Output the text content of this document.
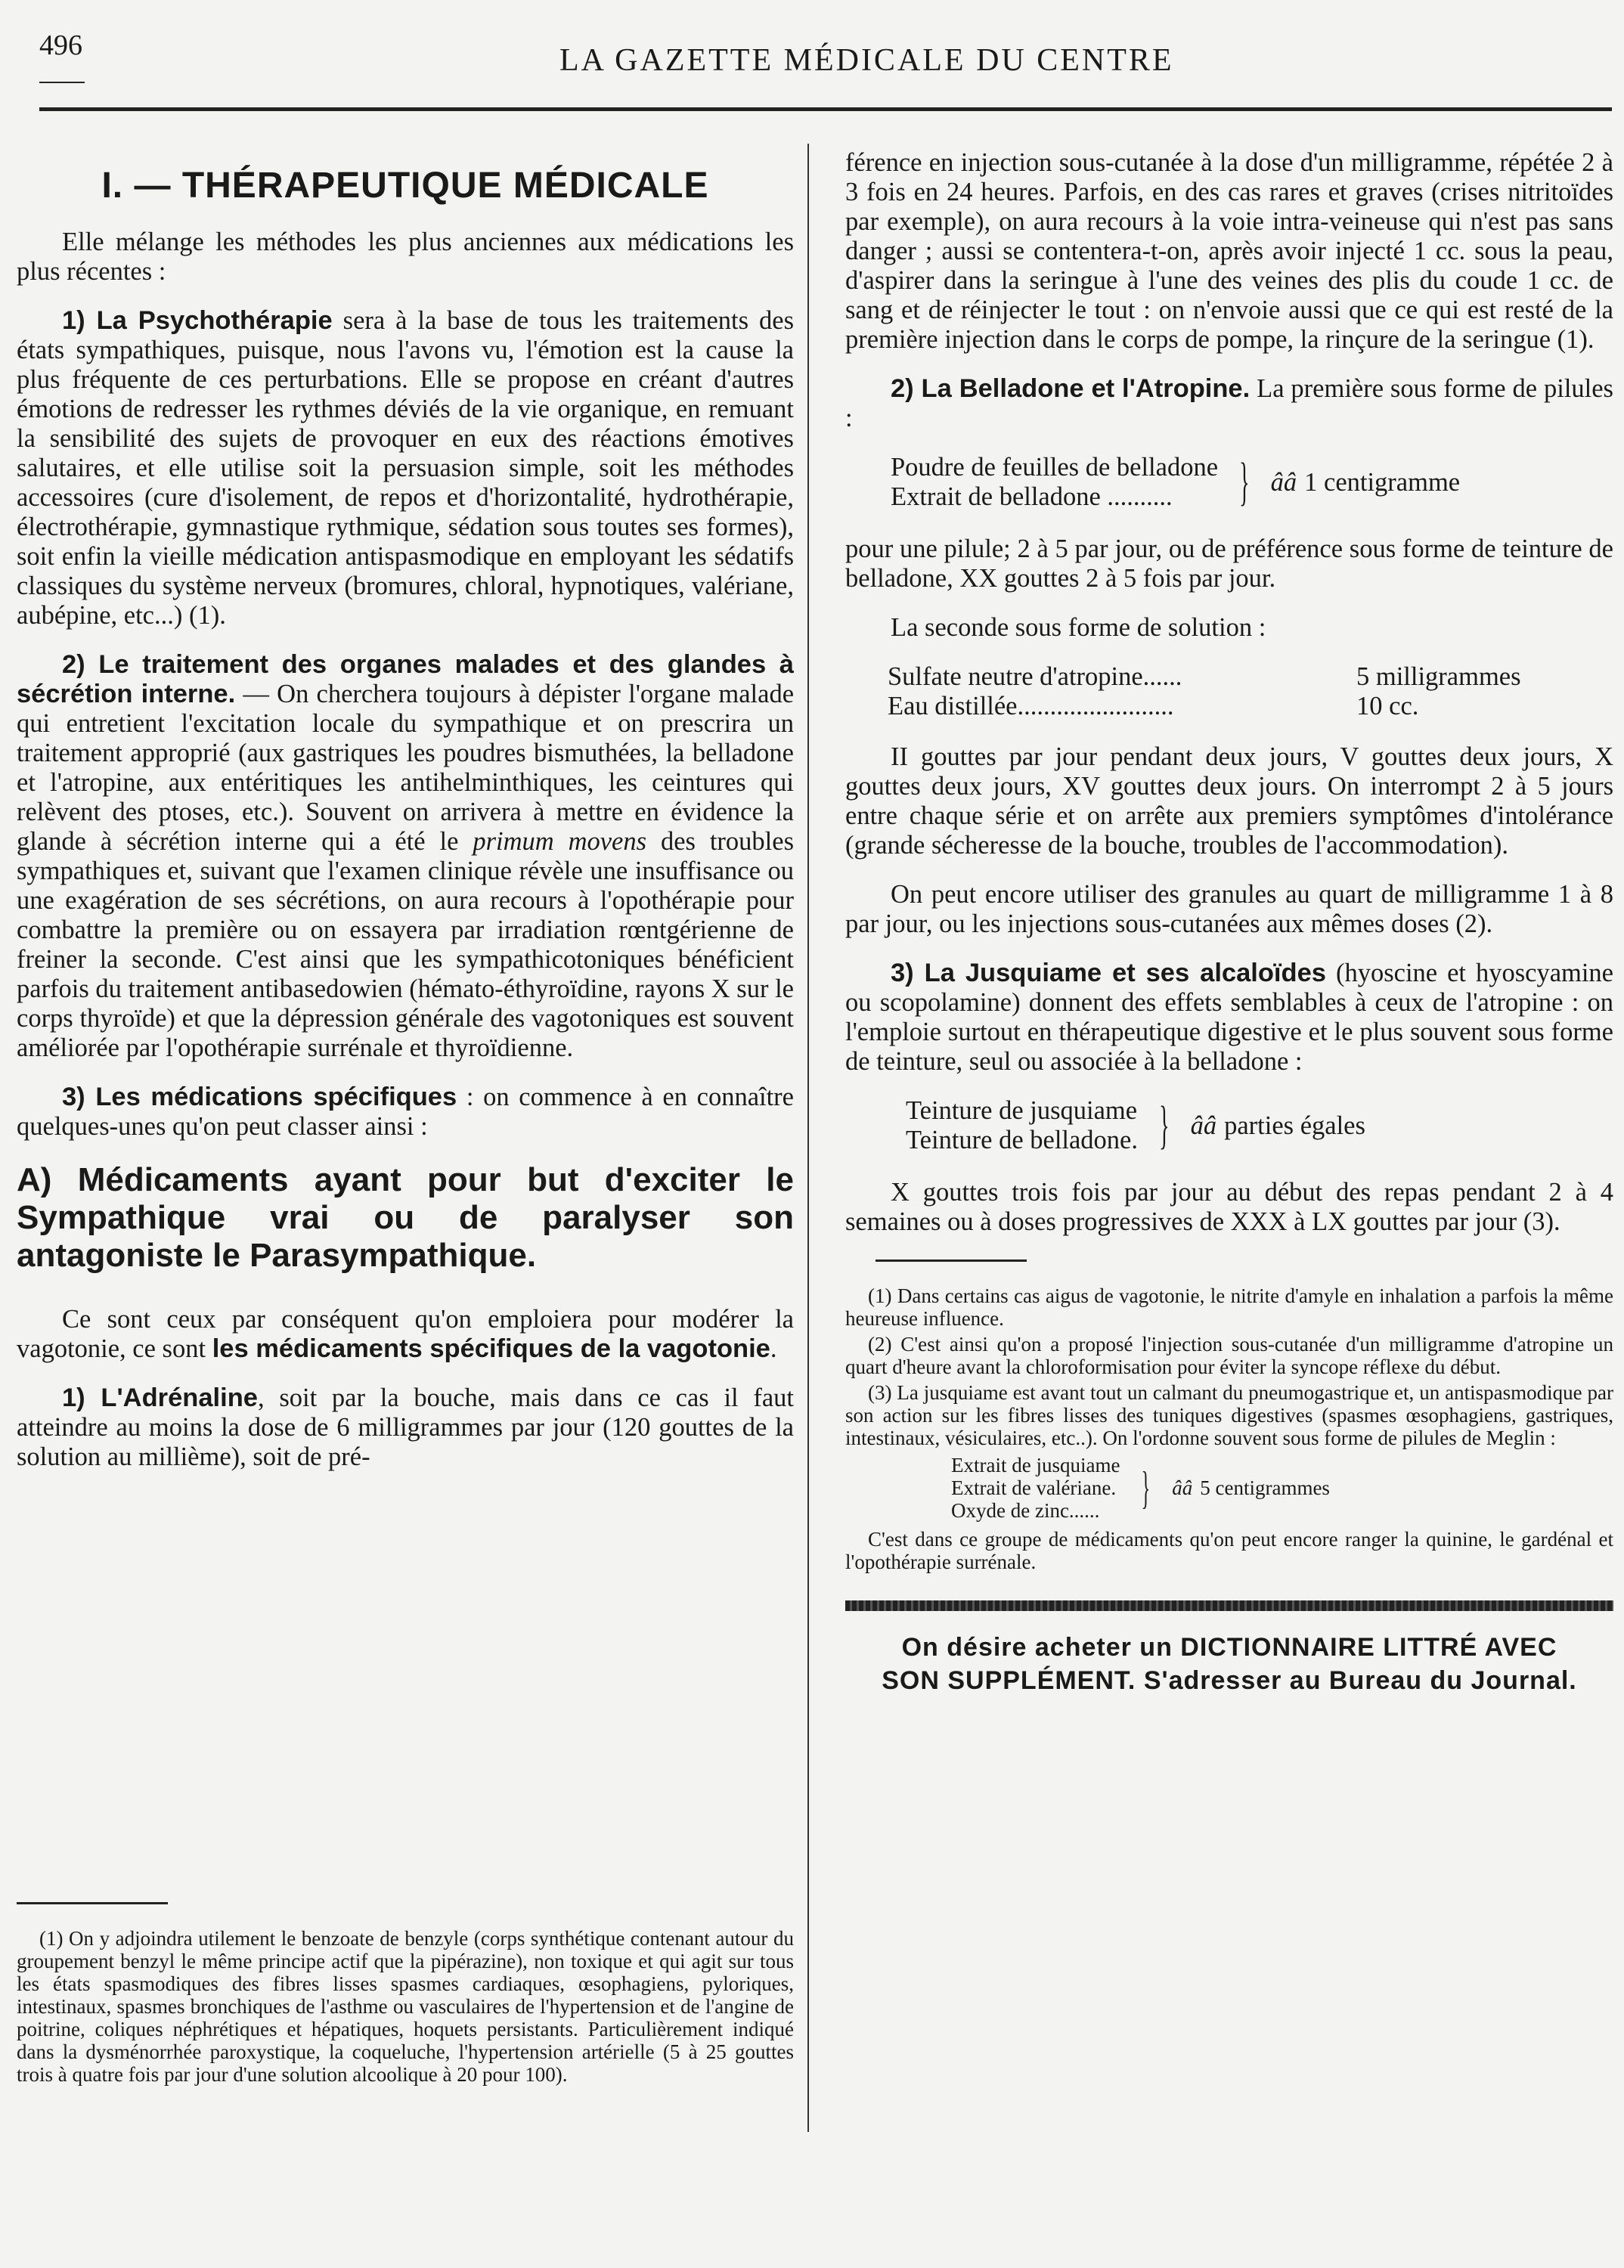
496	LA GAZETTE MÉDICALE DU CENTRE
I. — THÉRAPEUTIQUE MÉDICALE

Elle mélange les méthodes les plus anciennes aux médications les plus récentes :

1) La Psychothérapie sera à la base de tous les traitements des états sympathiques, puisque, nous l'avons vu, l'émotion est la cause la plus fréquente de ces perturbations. Elle se propose en créant d'autres émotions de redresser les rythmes déviés de la vie organique, en remuant la sensibilité des sujets de provoquer en eux des réactions émotives salutaires, et elle utilise soit la persuasion simple, soit les méthodes accessoires (cure d'isolement, de repos et d'horizontalité, hydrothérapie, électrothérapie, gymnastique rythmique, sédation sous toutes ses formes), soit enfin la vieille médication antispasmodique en employant les sédatifs classiques du système nerveux (bromures, chloral, hypnotiques, valériane, aubépine, etc...) (1).

2) Le traitement des organes malades et des glandes à sécrétion interne. — On cherchera toujours à dépister l'organe malade qui entretient l'excitation locale du sympathique et on prescrira un traitement approprié (aux gastriques les poudres bismuthées, la belladone et l'atropine, aux entéritiques les antihelminthiques, les ceintures qui relèvent des ptoses, etc.). Souvent on arrivera à mettre en évidence la glande à sécrétion interne qui a été le primum movens des troubles sympathiques et, suivant que l'examen clinique révèle une insuffisance ou une exagération de ses sécrétions, on aura recours à l'opothérapie pour combattre la première ou on essayera par irradiation rœntgérienne de freiner la seconde. C'est ainsi que les sympathicotoniques bénéficient parfois du traitement antibasedowien (hémato-éthyroïdine, rayons X sur le corps thyroïde) et que la dépression générale des vagotoniques est souvent améliorée par l'opothérapie surrénale et thyroïdienne.

3) Les médications spécifiques : on commence à en connaître quelques-unes qu'on peut classer ainsi :

A) Médicaments ayant pour but d'exciter le Sympathique vrai ou de paralyser son antagoniste le Parasympathique.

Ce sont ceux par conséquent qu'on emploiera pour modérer la vagotonie, ce sont les médicaments spécifiques de la vagotonie.

1) L'Adrénaline, soit par la bouche, mais dans ce cas il faut atteindre au moins la dose de 6 milligrammes par jour (120 gouttes de la solution au millième), soit de pré-

(1) On y adjoindra utilement le benzoate de benzyle (corps synthétique contenant autour du groupement benzyl le même principe actif que la pipérazine), non toxique et qui agit sur tous les états spasmodiques des fibres lisses spasmes cardiaques, œsophagiens, pyloriques, intestinaux, spasmes bronchiques de l'asthme ou vasculaires de l'hypertension et de l'angine de poitrine, coliques néphrétiques et hépatiques, hoquets persistants. Particulièrement indiqué dans la dysménorrhée paroxystique, la coqueluche, l'hypertension artérielle (5 à 25 gouttes trois à quatre fois par jour d'une solution alcoolique à 20 pour 100).

férence en injection sous-cutanée à la dose d'un milligramme, répétée 2 à 3 fois en 24 heures. Parfois, en des cas rares et graves (crises nitritoïdes par exemple), on aura recours à la voie intra-veineuse qui n'est pas sans danger ; aussi se contentera-t-on, après avoir injecté 1 cc. sous la peau, d'aspirer dans la seringue à l'une des veines des plis du coude 1 cc. de sang et de réinjecter le tout : on n'envoie aussi que ce qui est resté de la première injection dans le corps de pompe, la rinçure de la seringue (1).

2) La Belladone et l'Atropine. La première sous forme de pilules :

Poudre de feuilles de belladone
Extrait de belladone ..........	} ââ 1 centigramme

pour une pilule; 2 à 5 par jour, ou de préférence sous forme de teinture de belladone, XX gouttes 2 à 5 fois par jour.

La seconde sous forme de solution :

Sulfate neutre d'atropine......	5 milligrammes
Eau distillée........................	10 cc.

II gouttes par jour pendant deux jours, V gouttes deux jours, X gouttes deux jours, XV gouttes deux jours. On interrompt 2 à 5 jours entre chaque série et on arrête aux premiers symptômes d'intolérance (grande sécheresse de la bouche, troubles de l'accommodation).

On peut encore utiliser des granules au quart de milligramme 1 à 8 par jour, ou les injections sous-cutanées aux mêmes doses (2).

3) La Jusquiame et ses alcaloïdes (hyoscine et hyoscyamine ou scopolamine) donnent des effets semblables à ceux de l'atropine : on l'emploie surtout en thérapeutique digestive et le plus souvent sous forme de teinture, seul ou associée à la belladone :

Teinture de jusquiame
Teinture de belladone. } ââ parties égales

X gouttes trois fois par jour au début des repas pendant 2 à 4 semaines ou à doses progressives de XXX à LX gouttes par jour (3).

(1) Dans certains cas aigus de vagotonie, le nitrite d'amyle en inhalation a parfois la même heureuse influence.

(2) C'est ainsi qu'on a proposé l'injection sous-cutanée d'un milligramme d'atropine un quart d'heure avant la chloroformisation pour éviter la syncope réflexe du début.

(3) La jusquiame est avant tout un calmant du pneumogastrique et, un antispasmodique par son action sur les fibres lisses des tuniques digestives (spasmes œsophagiens, gastriques, intestinaux, vésiculaires, etc..). On l'ordonne souvent sous forme de pilules de Meglin :

Extrait de jusquiame
Extrait de valériane.
Oxyde de zinc...... } ââ 5 centigrammes

C'est dans ce groupe de médicaments qu'on peut encore ranger la quinine, le gardénal et l'opothérapie surrénale.

On désire acheter un DICTIONNAIRE LITTRÉ AVEC
SON SUPPLÉMENT. S'adresser au Bureau du Journal.
